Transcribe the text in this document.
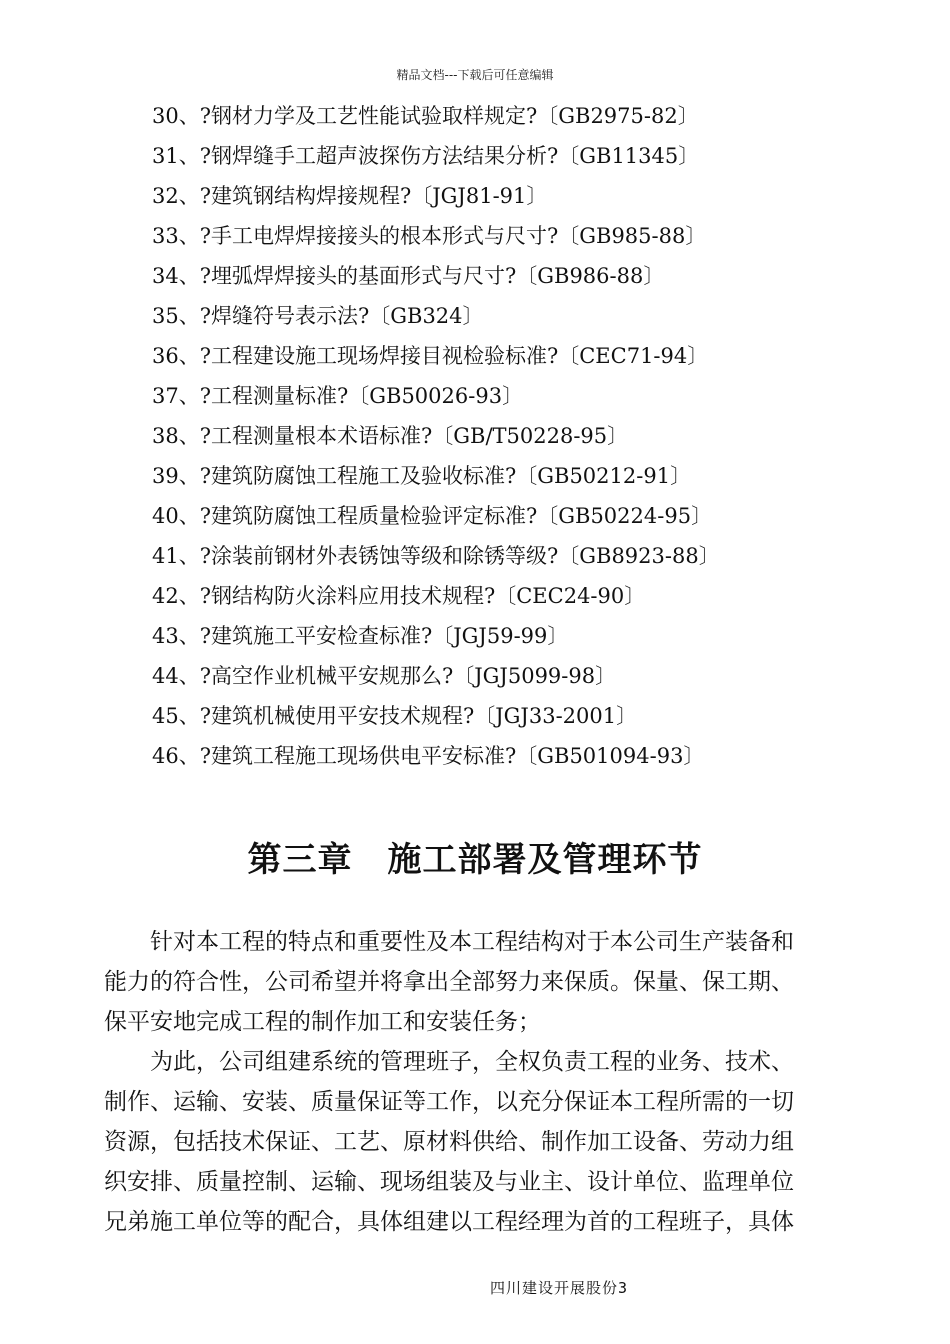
精品文档---下载后可任意编辑
30、?钢材力学及工艺性能试验取样规定?〔GB2975-82〕
31、?钢焊缝手工超声波探伤方法结果分析?〔GB11345〕
32、?建筑钢结构焊接规程?〔JGJ81-91〕
33、?手工电焊焊接接头的根本形式与尺寸?〔GB985-88〕
34、?埋弧焊焊接头的基面形式与尺寸?〔GB986-88〕
35、?焊缝符号表示法?〔GB324〕
36、?工程建设施工现场焊接目视检验标准?〔CEC71-94〕
37、?工程测量标准?〔GB50026-93〕
38、?工程测量根本术语标准?〔GB/T50228-95〕
39、?建筑防腐蚀工程施工及验收标准?〔GB50212-91〕
40、?建筑防腐蚀工程质量检验评定标准?〔GB50224-95〕
41、?涂装前钢材外表锈蚀等级和除锈等级?〔GB8923-88〕
42、?钢结构防火涂料应用技术规程?〔CEC24-90〕
43、?建筑施工平安检查标准?〔JGJ59-99〕
44、?高空作业机械平安规那么?〔JGJ5099-98〕
45、?建筑机械使用平安技术规程?〔JGJ33-2001〕
46、?建筑工程施工现场供电平安标准?〔GB501094-93〕
第三章　施工部署及管理环节
针对本工程的特点和重要性及本工程结构对于本公司生产装备和
能力的符合性，公司希望并将拿出全部努力来保质。保量、保工期、
保平安地完成工程的制作加工和安装任务；
为此，公司组建系统的管理班子，全权负责工程的业务、技术、
制作、运输、安装、质量保证等工作，以充分保证本工程所需的一切
资源，包括技术保证、工艺、原材料供给、制作加工设备、劳动力组
织安排、质量控制、运输、现场组装及与业主、设计单位、监理单位
兄弟施工单位等的配合，具体组建以工程经理为首的工程班子，具体
四川建设开展股份3
